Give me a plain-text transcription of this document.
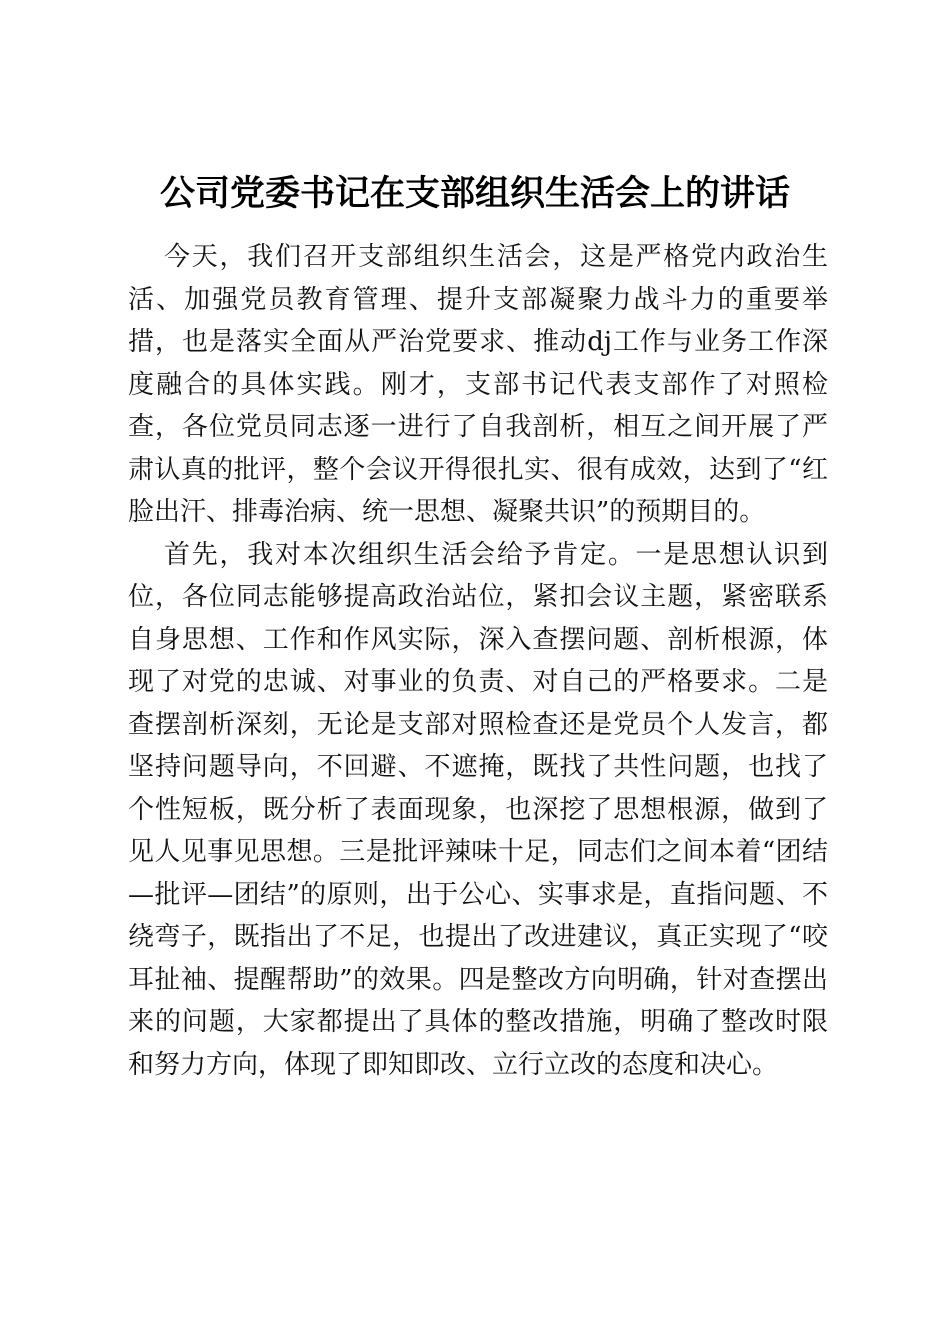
公司党委书记在支部组织生活会上的讲话

今天，我们召开支部组织生活会，这是严格党内政治生活、加强党员教育管理、提升支部凝聚力战斗力的重要举措，也是落实全面从严治党要求、推动dj工作与业务工作深度融合的具体实践。刚才，支部书记代表支部作了对照检查，各位党员同志逐一进行了自我剖析，相互之间开展了严肃认真的批评，整个会议开得很扎实、很有成效，达到了“红脸出汗、排毒治病、统一思想、凝聚共识”的预期目的。

首先，我对本次组织生活会给予肯定。一是思想认识到位，各位同志能够提高政治站位，紧扣会议主题，紧密联系自身思想、工作和作风实际，深入查摆问题、剖析根源，体现了对党的忠诚、对事业的负责、对自己的严格要求。二是查摆剖析深刻，无论是支部对照检查还是党员个人发言，都坚持问题导向，不回避、不遮掩，既找了共性问题，也找了个性短板，既分析了表面现象，也深挖了思想根源，做到了见人见事见思想。三是批评辣味十足，同志们之间本着“团结—批评—团结”的原则，出于公心、实事求是，直指问题、不绕弯子，既指出了不足，也提出了改进建议，真正实现了“咬耳扯袖、提醒帮助”的效果。四是整改方向明确，针对查摆出来的问题，大家都提出了具体的整改措施，明确了整改时限和努力方向，体现了即知即改、立行立改的态度和决心。
